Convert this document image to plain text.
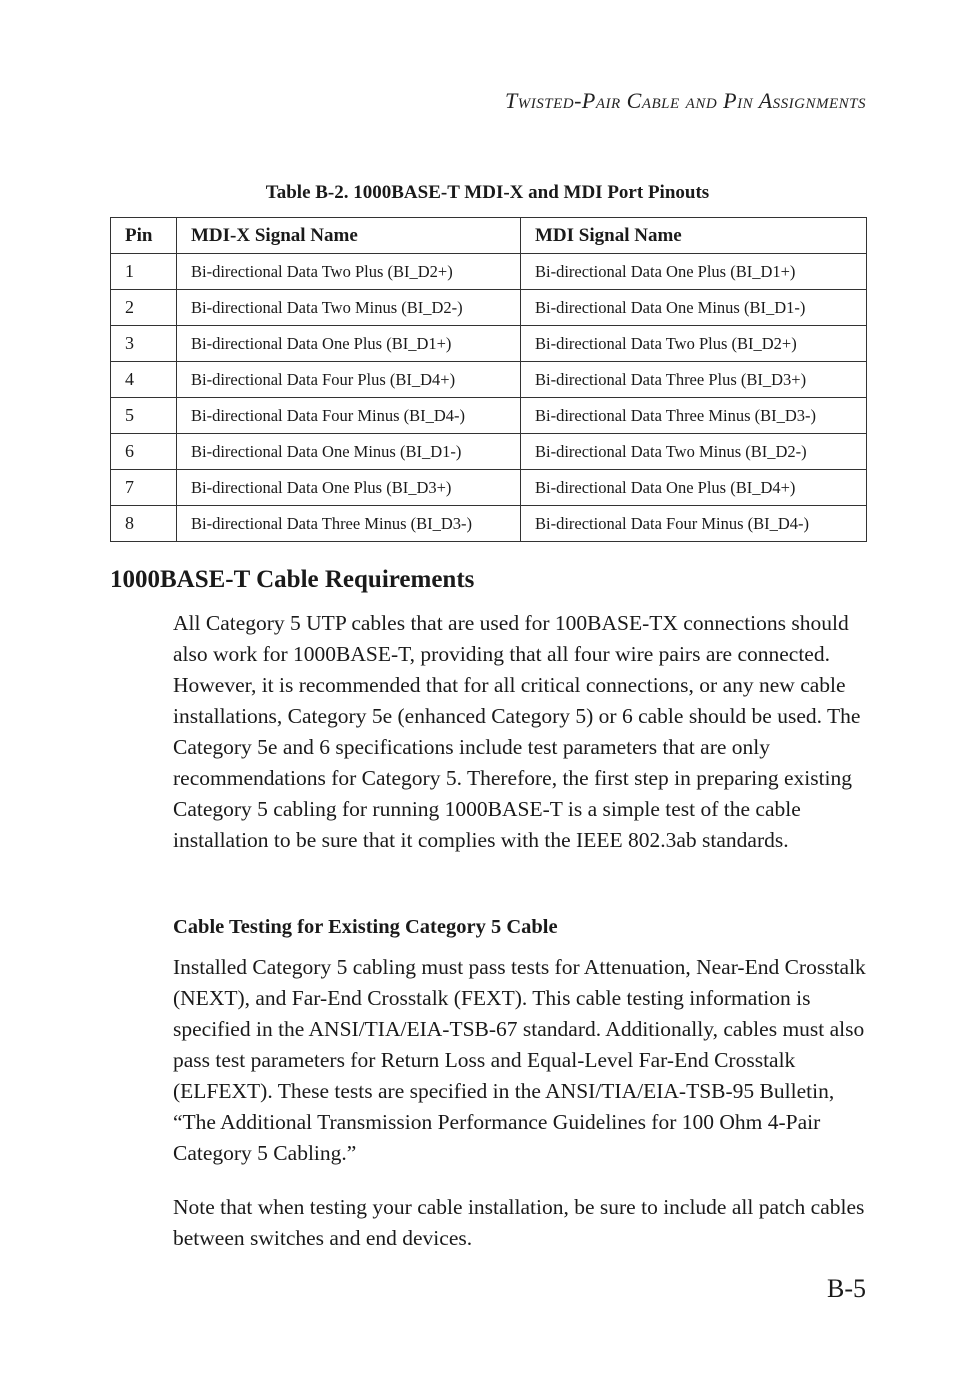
Twisted-Pair Cable and Pin Assignments
Table B-2. 1000BASE-T MDI-X and MDI Port Pinouts
Pin	MDI-X Signal Name	MDI Signal Name
1	Bi-directional Data Two Plus (BI_D2+)	Bi-directional Data One Plus (BI_D1+)
2	Bi-directional Data Two Minus (BI_D2-)	Bi-directional Data One Minus (BI_D1-)
3	Bi-directional Data One Plus (BI_D1+)	Bi-directional Data Two Plus (BI_D2+)
4	Bi-directional Data Four Plus (BI_D4+)	Bi-directional Data Three Plus (BI_D3+)
5	Bi-directional Data Four Minus (BI_D4-)	Bi-directional Data Three Minus (BI_D3-)
6	Bi-directional Data One Minus (BI_D1-)	Bi-directional Data Two Minus (BI_D2-)
7	Bi-directional Data One Plus (BI_D3+)	Bi-directional Data One Plus (BI_D4+)
8	Bi-directional Data Three Minus (BI_D3-)	Bi-directional Data Four Minus (BI_D4-)
1000BASE-T Cable Requirements

All Category 5 UTP cables that are used for 100BASE-TX connections should also work for 1000BASE-T, providing that all four wire pairs are connected. However, it is recommended that for all critical connections, or any new cable installations, Category 5e (enhanced Category 5) or 6 cable should be used. The Category 5e and 6 specifications include test parameters that are only recommendations for Category 5. Therefore, the first step in preparing existing Category 5 cabling for running 1000BASE-T is a simple test of the cable installation to be sure that it complies with the IEEE 802.3ab standards.

Cable Testing for Existing Category 5 Cable

Installed Category 5 cabling must pass tests for Attenuation, Near-End Crosstalk (NEXT), and Far-End Crosstalk (FEXT). This cable testing information is specified in the ANSI/TIA/EIA-TSB-67 standard. Additionally, cables must also pass test parameters for Return Loss and Equal-Level Far-End Crosstalk (ELFEXT). These tests are specified in the ANSI/TIA/EIA-TSB-95 Bulletin, “The Additional Transmission Performance Guidelines for 100 Ohm 4-Pair Category 5 Cabling.”

Note that when testing your cable installation, be sure to include all patch cables between switches and end devices.

B-5
